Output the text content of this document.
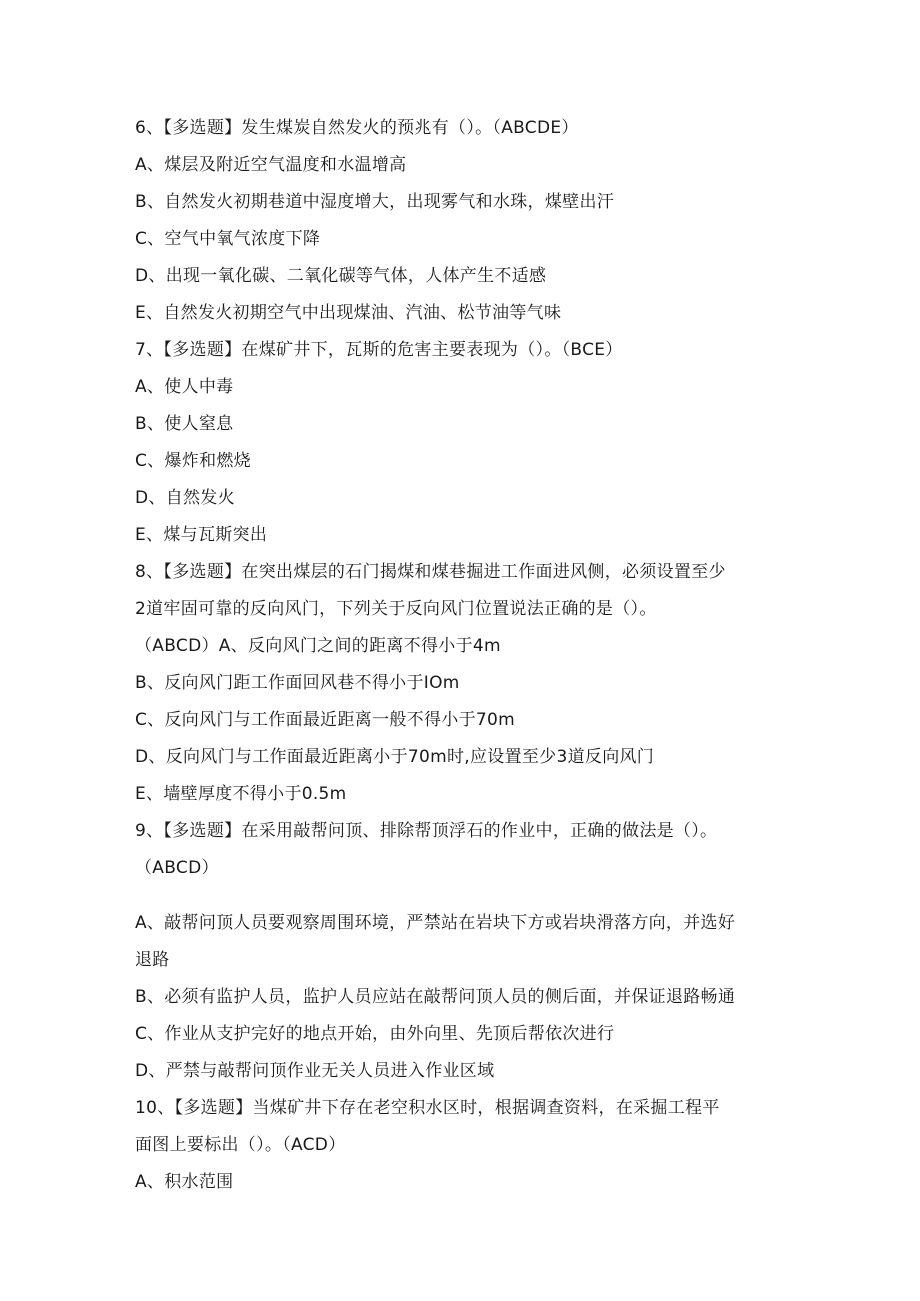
6、【多选题】发生煤炭自然发火的预兆有（）。（ABCDE）
A、煤层及附近空气温度和水温增高
B、自然发火初期巷道中湿度增大，出现雾气和水珠，煤壁出汗
C、空气中氧气浓度下降
D、出现一氧化碳、二氧化碳等气体，人体产生不适感
E、自然发火初期空气中出现煤油、汽油、松节油等气味
7、【多选题】在煤矿井下，瓦斯的危害主要表现为（）。（BCE）
A、使人中毒
B、使人窒息
C、爆炸和燃烧
D、自然发火
E、煤与瓦斯突出
8、【多选题】在突出煤层的石门揭煤和煤巷掘进工作面进风侧，必须设置至少
2道牢固可靠的反向风门，下列关于反向风门位置说法正确的是（）。
（ABCD）A、反向风门之间的距离不得小于4m
B、反向风门距工作面回风巷不得小于IOm
C、反向风门与工作面最近距离一般不得小于70m
D、反向风门与工作面最近距离小于70m时,应设置至少3道反向风门
E、墙壁厚度不得小于0.5m
9、【多选题】在采用敲帮问顶、排除帮顶浮石的作业中，正确的做法是（）。
（ABCD）
A、敲帮问顶人员要观察周围环境，严禁站在岩块下方或岩块滑落方向，并选好
退路
B、必须有监护人员，监护人员应站在敲帮问顶人员的侧后面，并保证退路畅通
C、作业从支护完好的地点开始，由外向里、先顶后帮依次进行
D、严禁与敲帮问顶作业无关人员进入作业区域
10、【多选题】当煤矿井下存在老空积水区时，根据调查资料，在采掘工程平
面图上要标出（）。（ACD）
A、积水范围
